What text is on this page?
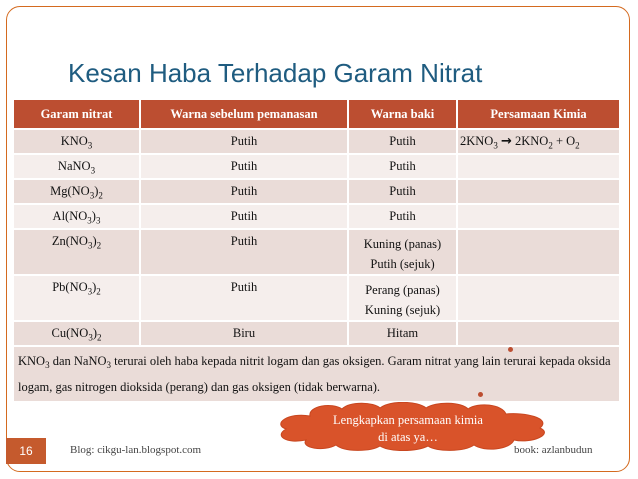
Kesan Haba Terhadap Garam Nitrat
Garam nitrat	Warna sebelum pemanasan	Warna baki	Persamaan Kimia
$KNO_3$	Putih	Putih	$2KNO_3 \to 2KNO_2 + O_2$
NaNO$_3$	Putih	Putih	
$Mg(NO_3)_2$	Putih	Putih	
$Al(NO_3)_3$	Putih	Putih	
$Zn(NO_3)_2$	Putih	Kuning (panas)
Putih (sejuk)	
$Pb(NO_3)_2$	Putih	Perang (panas)
Kuning (sejuk)	
$Cu(NO_3)_2$	Biru	Hitam	
$KNO_3$ dan NaNO$_3$ terurai oleh haba kepada nitrit logam dan gas oksigen. Garam nitrat yang lain terurai kepada oksida logam, gas nitrogen dioksida (perang) dan gas oksigen (tidak berwarna).			
Lengkapkan persamaan kimia
di atas ya…
16	Blog: cikgu-lan.blogspot.com	book: azlanbudun
